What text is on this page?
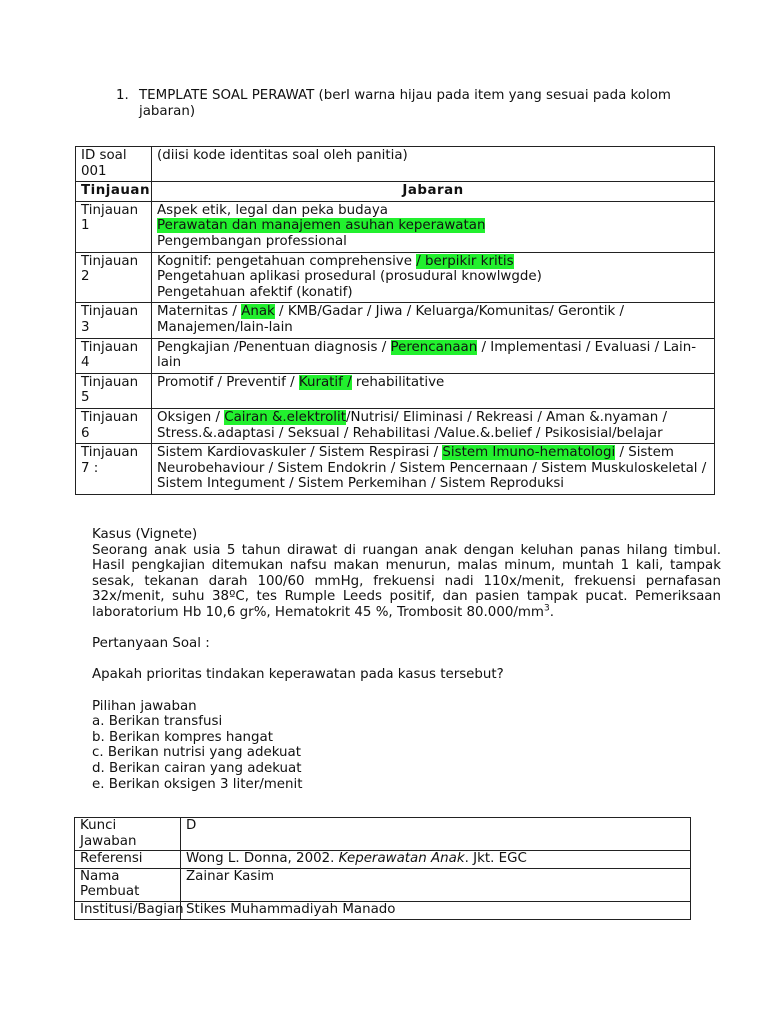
1. TEMPLATE SOAL PERAWAT (berI warna hijau pada item yang sesuai pada kolom jabaran)
ID soal 001	(diisi kode identitas soal oleh panitia)
Tinjauan	Jabaran
Tinjauan 1	Aspek etik, legal dan peka budaya
Perawatan dan manajemen asuhan keperawatan
Pengembangan professional

Tinjauan 2	Kognitif: pengetahuan comprehensive / berpikir kritis
Pengetahuan aplikasi prosedural (prosudural knowlwgde)
Pengetahuan afektif (konatif)

Tinjauan 3	Maternitas / Anak / KMB/Gadar / Jiwa / Keluarga/Komunitas/ Gerontik / Manajemen/lain-lain
Tinjauan 4	Pengkajian /Penentuan diagnosis / Perencanaan / Implementasi / Evaluasi / Lain-lain
Tinjauan 5	Promotif / Preventif / Kuratif / rehabilitative
Tinjauan 6	Oksigen / Cairan &.elektrolit/Nutrisi/ Eliminasi / Rekreasi / Aman &.nyaman / Stress.&.adaptasi / Seksual / Rehabilitasi /Value.&.belief / Psikosisial/belajar
Tinjauan 7 :	Sistem Kardiovaskuler / Sistem Respirasi / Sistem Imuno-hematologi / Sistem Neurobehaviour / Sistem Endokrin / Sistem Pencernaan / Sistem Muskuloskeletal / Sistem Integument / Sistem Perkemihan / Sistem Reproduksi

Kasus (Vignete)

Seorang anak usia 5 tahun dirawat di ruangan anak dengan keluhan panas hilang timbul. Hasil pengkajian ditemukan nafsu makan menurun, malas minum, muntah 1 kali, tampak sesak, tekanan darah 100/60 mmHg, frekuensi nadi 110x/menit, frekuensi pernafasan 32x/menit, suhu 38ºC, tes Rumple Leeds positif, dan pasien tampak pucat. Pemeriksaan laboratorium Hb 10,6 gr%, Hematokrit 45 %, Trombosit $80.000/mm^3$.

Pertanyaan Soal :

Apakah prioritas tindakan keperawatan pada kasus tersebut?

Pilihan jawaban

a. Berikan transfusi

b. Berikan kompres hangat

c. Berikan nutrisi yang adekuat

d. Berikan cairan yang adekuat

e. Berikan oksigen 3 liter/menit

Kunci Jawaban	D
Referensi	Wong L. Donna, 2002. Keperawatan Anak. Jkt. EGC
Nama Pembuat	Zainar Kasim
Institusi/Bagian	Stikes Muhammadiyah Manado
